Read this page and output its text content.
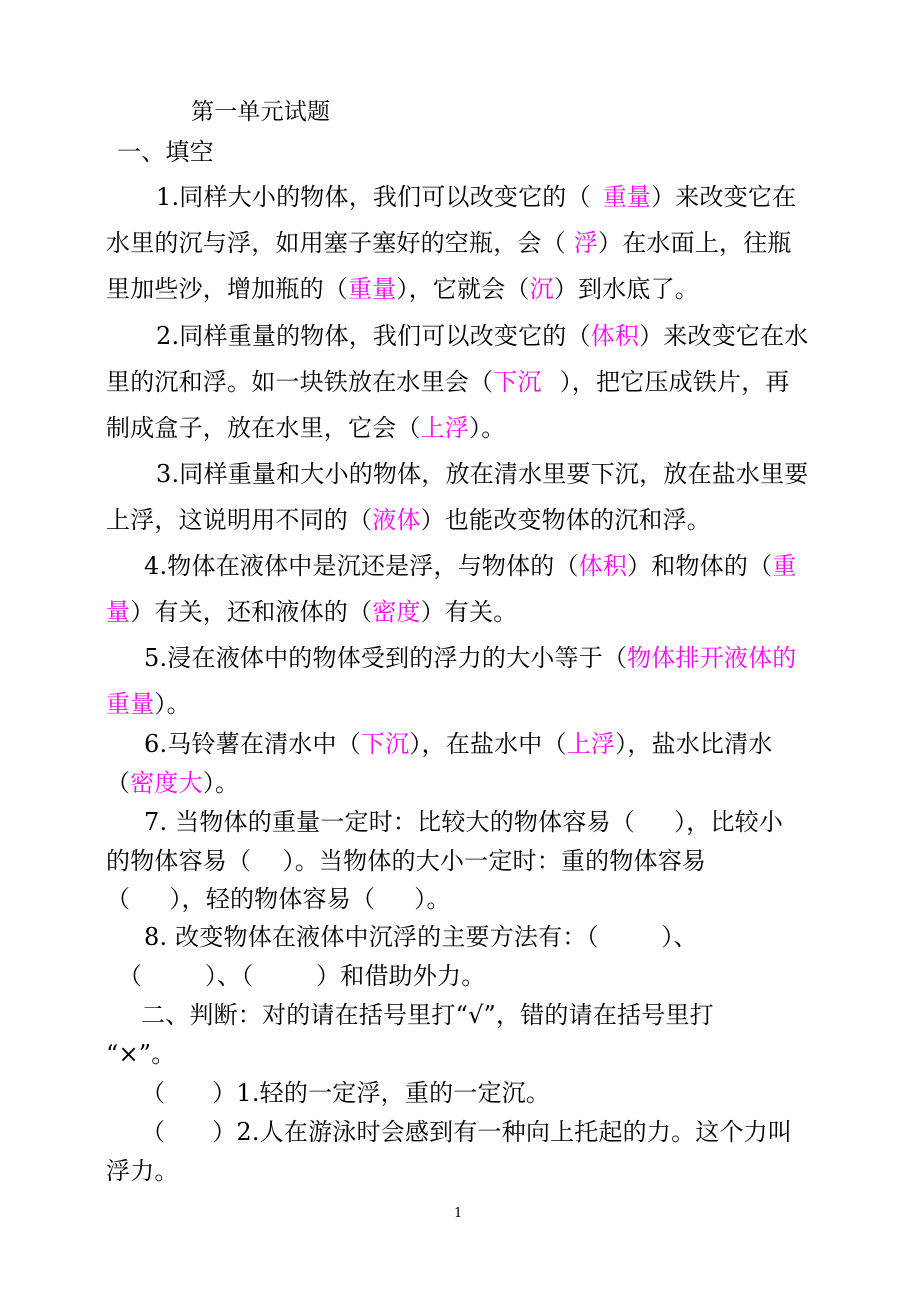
第一单元试题
一、填空
1.同样大小的物体，我们可以改变它的（ 重量）来改变它在
水里的沉与浮，如用塞子塞好的空瓶，会（ 浮）在水面上，往瓶
里加些沙，增加瓶的（重量），它就会（沉）到水底了。
2.同样重量的物体，我们可以改变它的（体积）来改变它在水
里的沉和浮。如一块铁放在水里会（下沉 ），把它压成铁片，再
制成盒子，放在水里，它会（上浮）。
3.同样重量和大小的物体，放在清水里要下沉，放在盐水里要
上浮，这说明用不同的（液体）也能改变物体的沉和浮。
4.物体在液体中是沉还是浮，与物体的（体积）和物体的（重
量）有关，还和液体的（密度）有关。
5.浸在液体中的物体受到的浮力的大小等于（物体排开液体的
重量）。
6.马铃薯在清水中（下沉），在盐水中（上浮），盐水比清水
（密度大）。
7. 当物体的重量一定时：比较大的物体容易（     ），比较小
的物体容易（    ）。当物体的大小一定时：重的物体容易
（     ），轻的物体容易（     ）。
8. 改变物体在液体中沉浮的主要方法有：（        ）、
（        ）、（        ）和借助外力。
二、判断：对的请在括号里打“√”，错的请在括号里打
“×”。
（      ）1.轻的一定浮，重的一定沉。
（      ）2.人在游泳时会感到有一种向上托起的力。这个力叫
浮力。
1
